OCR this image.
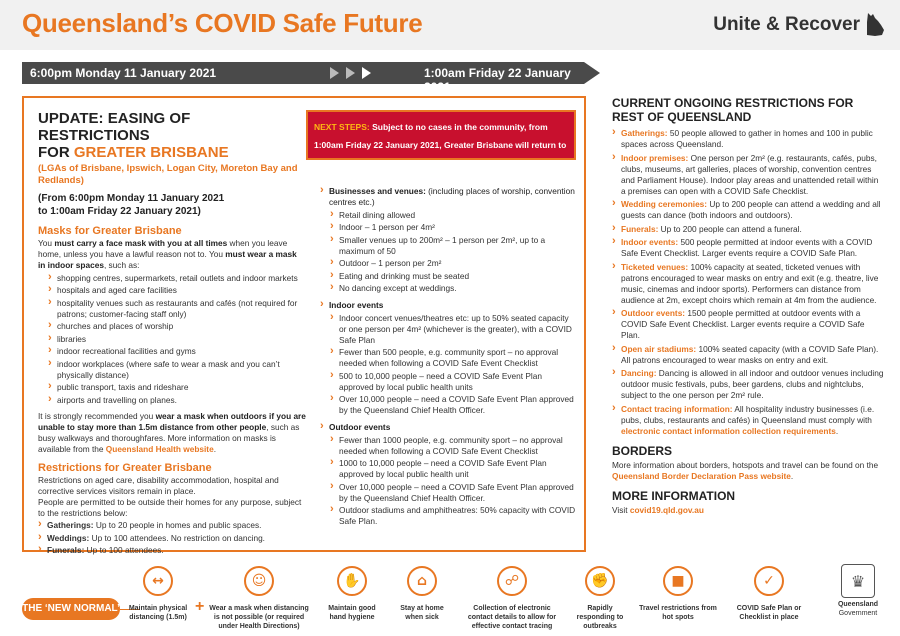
Queensland’s COVID Safe Future	Unite & Recover
6:00pm Monday 11 January 2021	1:00am Friday 22 January 2021
UPDATE: EASING OF RESTRICTIONS
FOR GREATER BRISBANE
(LGAs of Brisbane, Ipswich, Logan City, Moreton Bay and Redlands)
(From 6:00pm Monday 11 January 2021
to 1:00am Friday 22 January 2021)
Masks for Greater Brisbane

You must carry a face mask with you at all times when you leave home, unless you have a lawful reason not to. You must wear a mask in indoor spaces, such as:

› shopping centres, supermarkets, retail outlets and indoor markets
› hospitals and aged care facilities
› hospitality venues such as restaurants and cafés (not required for patrons; customer-facing staff only)
› churches and places of worship
› libraries
› indoor recreational facilities and gyms
› indoor workplaces (where safe to wear a mask and you can’t physically distance)
› public transport, taxis and rideshare
› airports and travelling on planes.

It is strongly recommended you wear a mask when outdoors if you are unable to stay more than 1.5m distance from other people, such as busy walkways and thoroughfares. More information on masks is available from the Queensland Health website.

Restrictions for Greater Brisbane

Restrictions on aged care, disability accommodation, hospital and corrective services visitors remain in place.

People are permitted to be outside their homes for any purpose, subject to the restrictions below:

› Gatherings: Up to 20 people in homes and public spaces.
› Weddings: Up to 100 attendees. No restriction on dancing.
› Funerals: Up to 100 attendees.
› Businesses and venues: (including places of worship, convention centres etc.)
› Retail dining allowed
› Indoor – 1 person per 4m²
› Smaller venues up to 200m² – 1 person per 2m², up to a maximum of 50
› Outdoor – 1 person per 2m²
› Eating and drinking must be seated
› No dancing except at weddings.
› Indoor events
› Indoor concert venues/theatres etc: up to 50% seated capacity or one person per 4m² (whichever is the greater), with a COVID Safe Plan
› Fewer than 500 people, e.g. community sport – no approval needed when following a COVID Safe Event Checklist
› 500 to 10,000 people – need a COVID Safe Event Plan approved by local public health units
› Over 10,000 people – need a COVID Safe Event Plan approved by the Queensland Chief Health Officer.
› Outdoor events
› Fewer than 1000 people, e.g. community sport – no approval needed when following a COVID Safe Event Checklist
› 1000 to 10,000 people – need a COVID Safe Event Plan approved by local public health unit
› Over 10,000 people – need a COVID Safe Event Plan approved by the Queensland Chief Health Officer.
› Outdoor stadiums and amphitheatres: 50% capacity with COVID Safe Plan.
NEXT STEPS: Subject to no cases in the community, from 1:00am Friday 22 January 2021, Greater Brisbane will return to the current ongoing restrictions for rest of Queensland.
CURRENT ONGOING RESTRICTIONS FOR REST OF QUEENSLAND
› Gatherings: 50 people allowed to gather in homes and 100 in public spaces across Queensland.
› Indoor premises: One person per 2m² (e.g. restaurants, cafés, pubs, clubs, museums, art galleries, places of worship, convention centres and Parliament House). Indoor play areas and unattended retail within a premises can open with a COVID Safe Checklist.
› Wedding ceremonies: Up to 200 people can attend a wedding and all guests can dance (both indoors and outdoors).
› Funerals: Up to 200 people can attend a funeral.
› Indoor events: 500 people permitted at indoor events with a COVID Safe Event Checklist. Larger events require a COVID Safe Plan.
› Ticketed venues: 100% capacity at seated, ticketed venues with patrons encouraged to wear masks on entry and exit (e.g. theatre, live music, cinemas and indoor sports). Performers can distance from audience at 2m, except choirs which remain at 4m from the audience.
› Outdoor events: 1500 people permitted at outdoor events with a COVID Safe Event Checklist. Larger events require a COVID Safe Plan.
› Open air stadiums: 100% seated capacity (with a COVID Safe Plan). All patrons encouraged to wear masks on entry and exit.
› Dancing: Dancing is allowed in all indoor and outdoor venues including outdoor music festivals, pubs, beer gardens, clubs and nightclubs, subject to the one person per 2m² rule.
› Contact tracing information: All hospitality industry businesses (i.e. pubs, clubs, restaurants and cafés) in Queensland must comply with electronic contact information collection requirements.
BORDERS

More information about borders, hotspots and travel can be found on the Queensland Border Declaration Pass website.

MORE INFORMATION

Visit covid19.qld.gov.au

THE ‘NEW NORMAL’
↔
Maintain physical distancing (1.5m)
+
☺
Wear a mask when distancing is not possible (or required under Health Directions)
✋
Maintain good hand hygiene
⌂
Stay at home when sick
☍
Collection of electronic contact details to allow for effective contact tracing
✊
Rapidly responding to outbreaks
■
Travel restrictions from hot spots
✓
COVID Safe Plan or Checklist in place
♛
Queensland
Government
